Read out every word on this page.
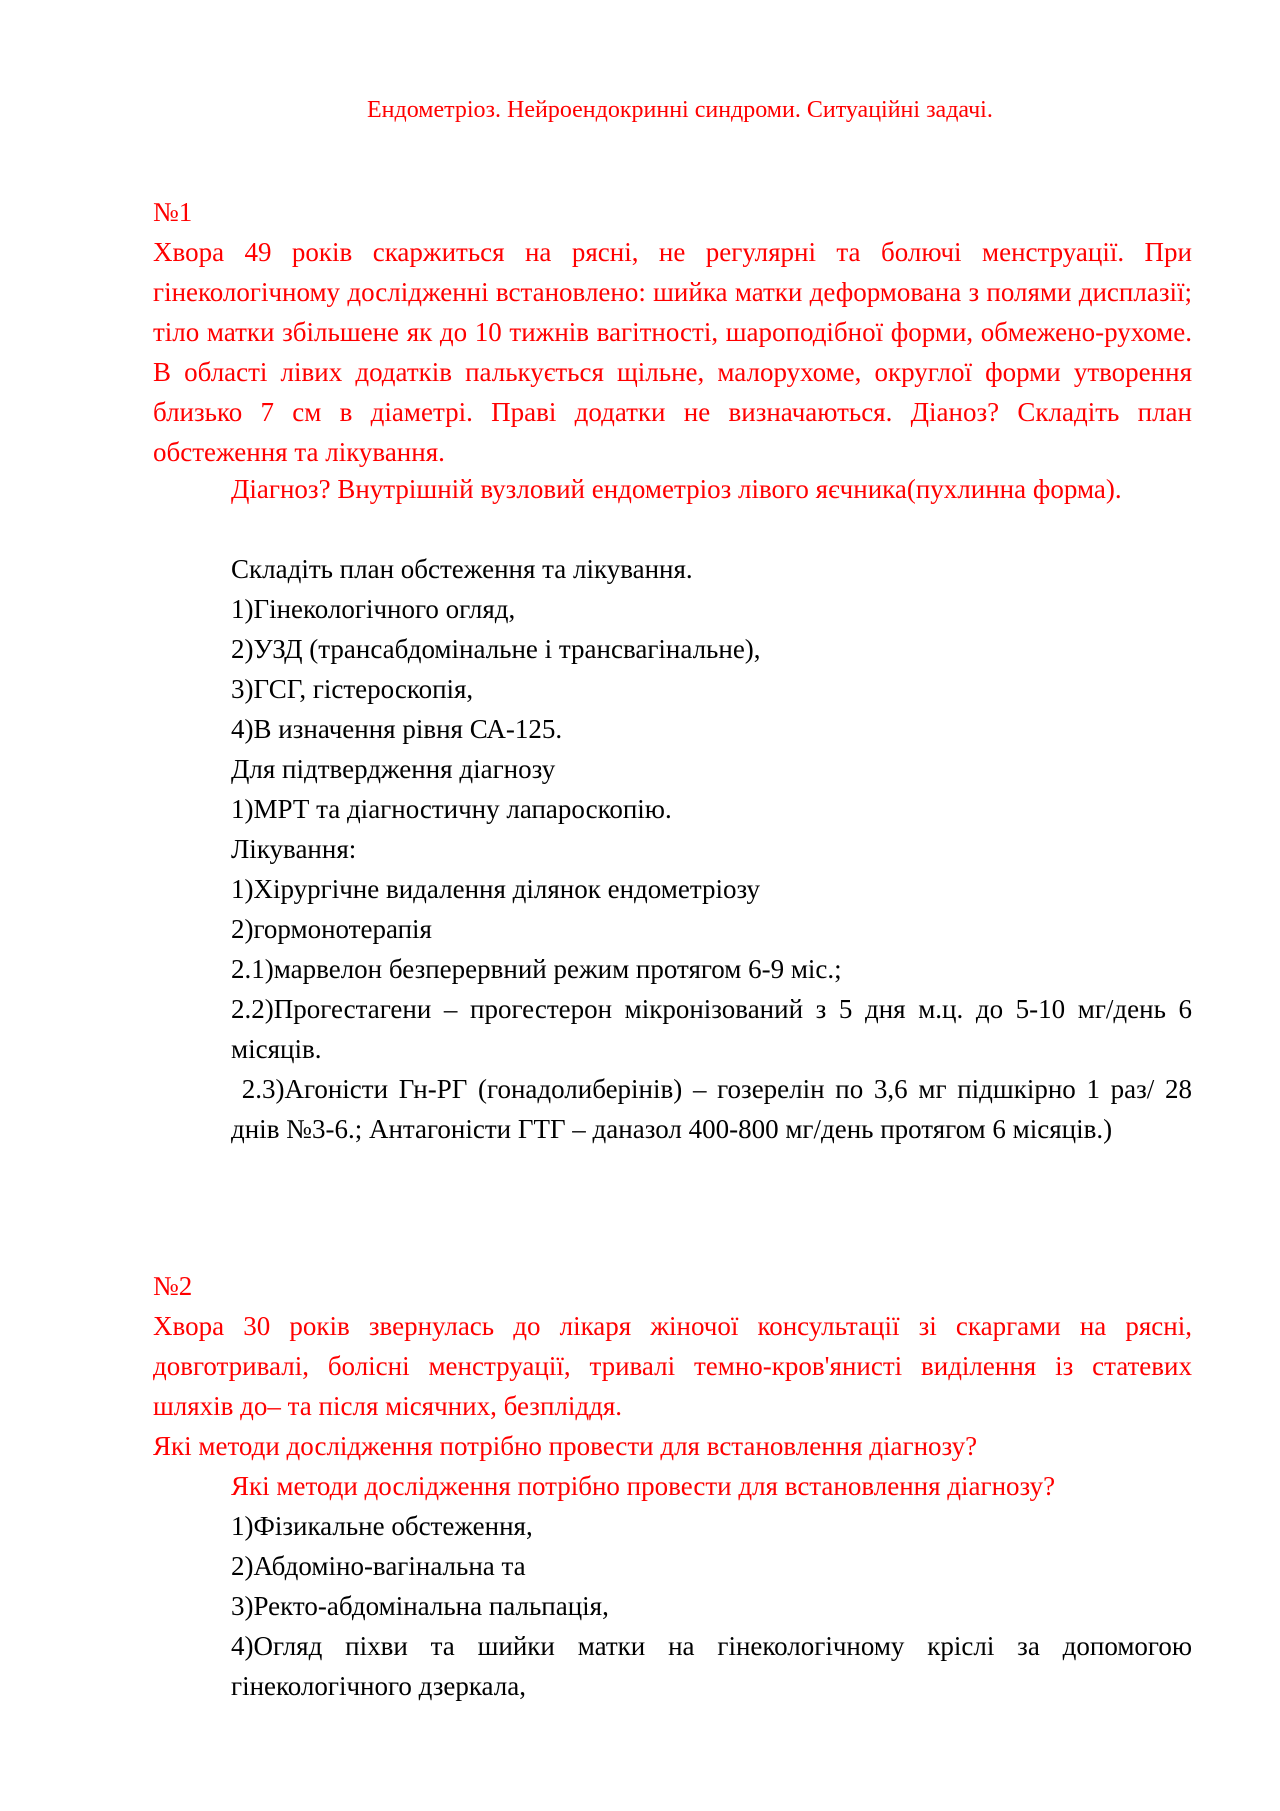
Ендометріоз. Нейроендокринні синдроми. Ситуаційні задачі.

№1

Хвора 49 років скаржиться на рясні, не регулярні та болючі менструації. При гінекологічному дослідженні встановлено: шийка матки деформована з полями дисплазії; тіло матки збільшене як до 10 тижнів вагітності, шароподібної форми, обмежено-рухоме. В області лівих додатків палькується щільне, малорухоме, округлої форми утворення близько 7 см в діаметрі. Праві додатки не визначаються. Діаноз? Складіть план обстеження та лікування.

Діагноз? Внутрішній вузловий ендометріоз лівого яєчника(пухлинна форма).

Складіть план обстеження та лікування.

1)Гінекологічного огляд,

2)УЗД (трансабдомінальне і трансвагінальне),

3)ГСГ, гістероскопія,

4)В изначення рівня СА-125.

Для підтвердження діагнозу

1)МРТ та діагностичну лапароскопію.

Лікування:

1)Хірургічне видалення ділянок ендометріозу

2)гормонотерапія

2.1)марвелон безперервний режим протягом 6-9 міс.;

2.2)Прогестагени – прогестерон мікронізований з 5 дня м.ц. до 5-10 мг/день 6 місяців.

2.3)Агоністи Гн-РГ (гонадолиберінів) – гозерелін по 3,6 мг підшкірно 1 раз/ 28 днів №3-6.; Антагоністи ГТГ – даназол 400-800 мг/день протягом 6 місяців.)

№2

Хвора 30 років звернулась до лікаря жіночої консультації зі скаргами на рясні, довготривалі, болісні менструації, тривалі темно-кров'янисті виділення із статевих шляхів до– та після місячних, безпліддя.

Які методи дослідження потрібно провести для встановлення діагнозу?

Які методи дослідження потрібно провести для встановлення діагнозу?

1)Фізикальне обстеження,

2)Абдоміно-вагінальна та

3)Ректо-абдомінальна пальпація,

4)Огляд піхви та шийки матки на гінекологічному кріслі за допомогою гінекологічного дзеркала,
